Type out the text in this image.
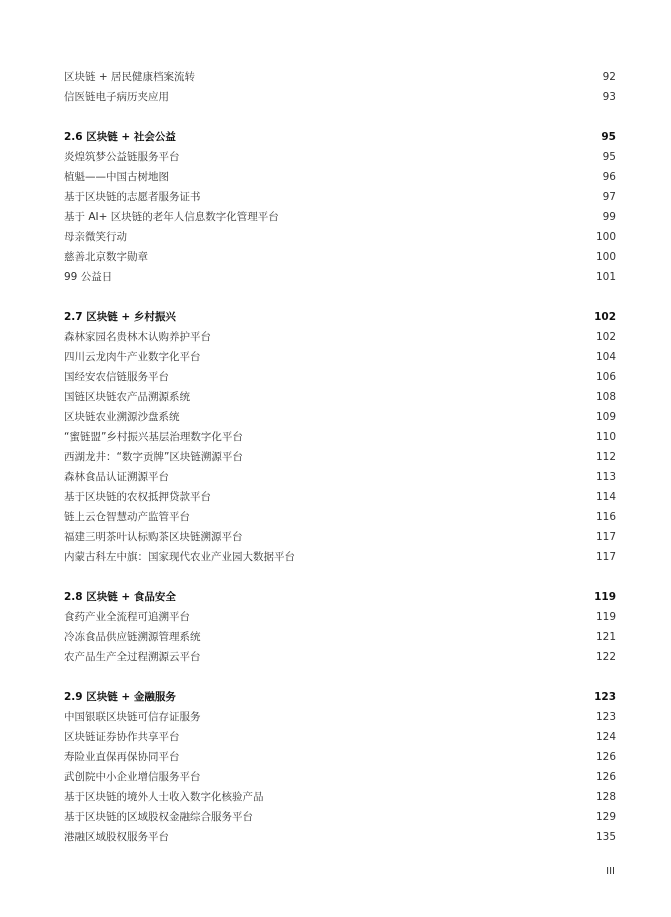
区块链 + 居民健康档案流转	92
信医链电子病历夹应用	93
2.6 区块链 + 社会公益	95
炎煌筑梦公益链服务平台	95
植魁——中国古树地图	96
基于区块链的志愿者服务证书	97
基于 AI+ 区块链的老年人信息数字化管理平台	99
母亲微笑行动	100
慈善北京数字勋章	100
99 公益日	101
2.7 区块链 + 乡村振兴	102
森林家园名贵林木认购养护平台	102
四川云龙肉牛产业数字化平台	104
国经安农信链服务平台	106
国链区块链农产品溯源系统	108
区块链农业溯源沙盘系统	109
“蜜链盟”乡村振兴基层治理数字化平台	110
西湖龙井：“数字贡牌”区块链溯源平台	112
森林食品认证溯源平台	113
基于区块链的农权抵押贷款平台	114
链上云仓智慧动产监管平台	116
福建三明茶叶认标购茶区块链溯源平台	117
内蒙古科左中旗：国家现代农业产业园大数据平台	117
2.8 区块链 + 食品安全	119
食药产业全流程可追溯平台	119
冷冻食品供应链溯源管理系统	121
农产品生产全过程溯源云平台	122
2.9 区块链 + 金融服务	123
中国银联区块链可信存证服务	123
区块链证券协作共享平台	124
寿险业直保再保协同平台	126
武创院中小企业增信服务平台	126
基于区块链的境外人士收入数字化核验产品	128
基于区块链的区域股权金融综合服务平台	129
港融区域股权服务平台	135
III
